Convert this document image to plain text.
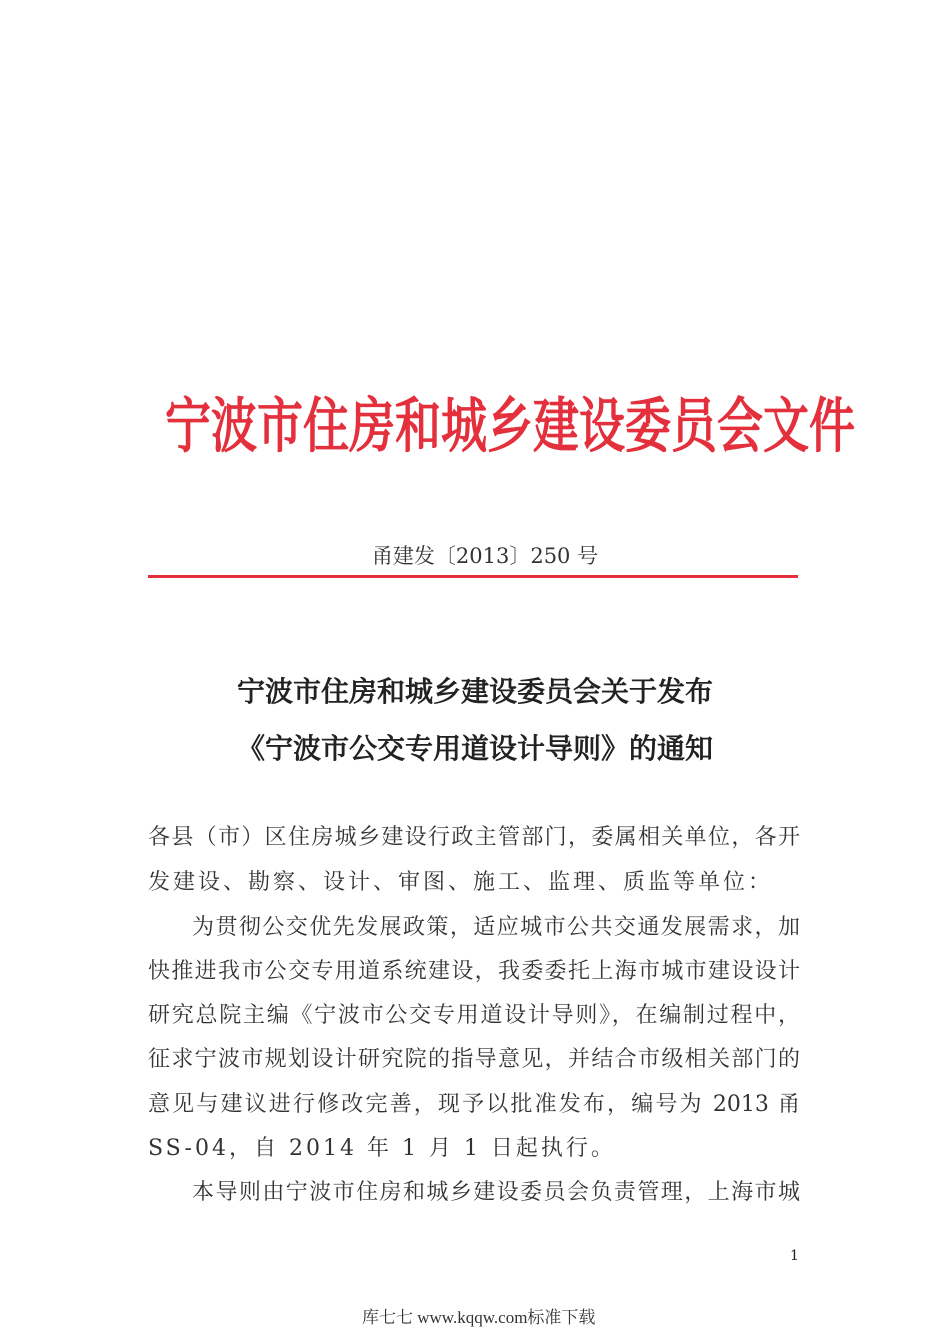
宁波市住房和城乡建设委员会文件
甬建发〔2013〕250 号
宁波市住房和城乡建设委员会关于发布
《宁波市公交专用道设计导则》的通知
各县（市）区住房城乡建设行政主管部门，委属相关单位，各开
发建设、勘察、设计、审图、施工、监理、质监等单位：
为贯彻公交优先发展政策，适应城市公共交通发展需求，加
快推进我市公交专用道系统建设，我委委托上海市城市建设设计
研究总院主编《宁波市公交专用道设计导则》，在编制过程中，
征求宁波市规划设计研究院的指导意见，并结合市级相关部门的
意见与建议进行修改完善，现予以批准发布，编号为 2013 甬
SS-04，自 2014 年 1 月 1 日起执行。
本导则由宁波市住房和城乡建设委员会负责管理，上海市城
1
库七七 www.kqqw.com标准下载
